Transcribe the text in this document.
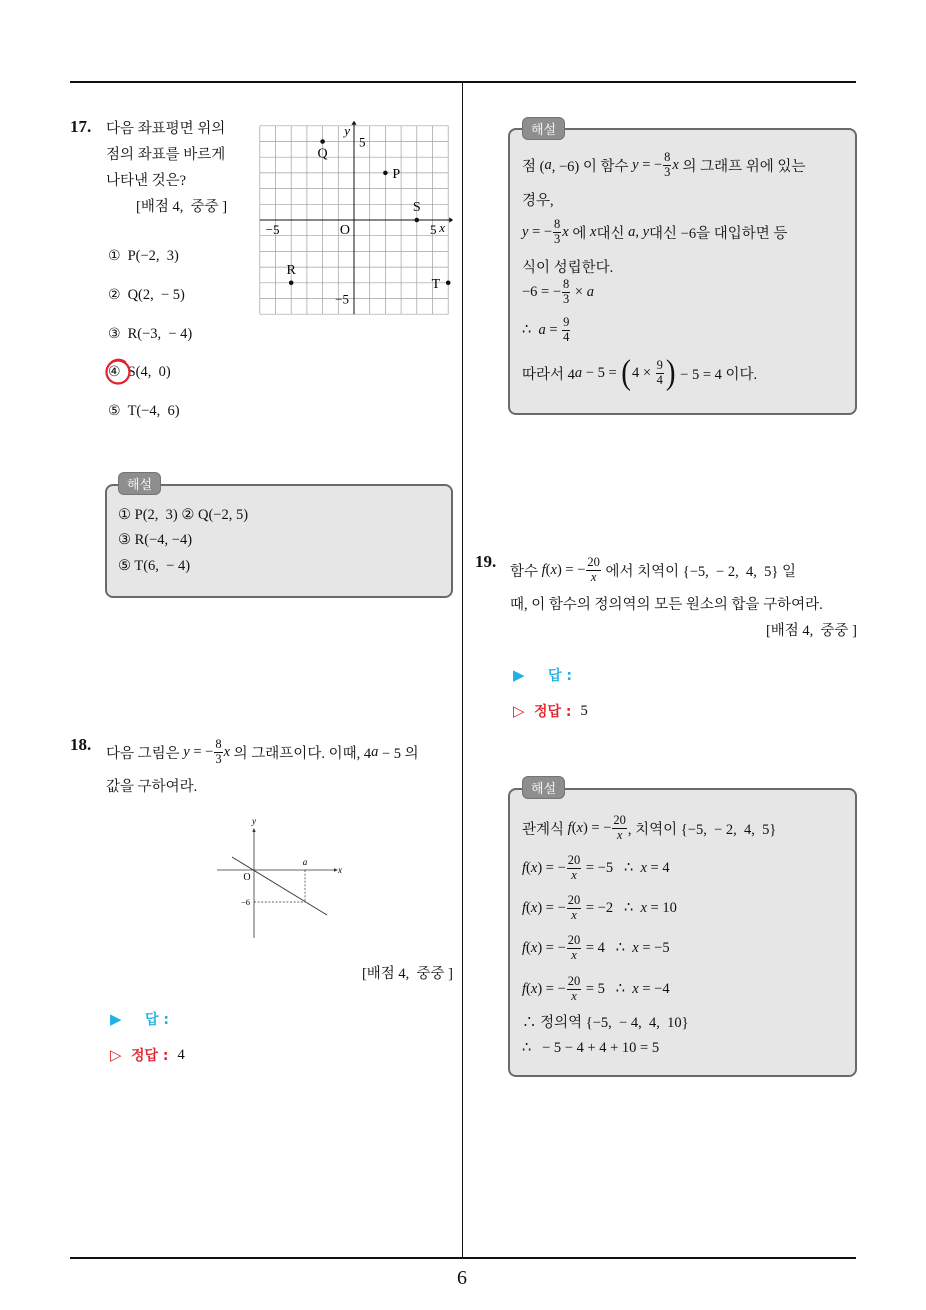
17. 다음 좌표평면 위의
점의 좌표를 바르게
나타낸 것은?
[배점 4,  중중 ]
x
y
O
−5	5
5
−5
Q
P
S
R
T
① P(−2,  3)
② Q(2,  − 5)
③ R(−3,  − 4)
④ S(4,  0)
⑤ T(−4,  6)
해설
① P(2,  3) ② Q(−2, 5)
③ R(−4, −4)
⑤ T(6,  − 4)
18. 다음 그림은 y = − $\frac{8}{3}$ x 의 그래프이다. 이때, 4 a − 5 의
값을 구하여라.
y
x
O
a
−6
[배점 4,  중중 ]
▶	답 :
▷ 정답 : 4
해설
점 ( a , −6) 이 함수 y = − $\frac{8}{3}$ x 의 그래프 위에 있는
경우,
y = − $\frac{8}{3}$ x 에 x 대신 a , y 대신 −6을 대입하면 등
식이 성립한다.
−6 = − $\frac{8}{3} \times a$
∴ $a = \frac{9}{4}$
따라서 4 a − 5 = ( $4 \times \frac{9}{4}$ ) − 5 = 4 이다.
19.
함수 f ( x ) = − $\frac{20}{x}$ 에서 치역이 {−5,  − 2,  4,  5} 일
때, 이 함수의 정의역의 모든 원소의 합을 구하여라.
[배점 4,  중중 ]
▶	답 :
▷ 정답 : 5
해설
관계식 f ( x ) = − $\frac{20}{x}$ , 치역이 {−5,  − 2,  4,  5}
f ( x ) = − $\frac{20}{x} = -5$   ∴ x = 4
f ( x ) = − $\frac{20}{x} = -2$   ∴ x = 10
f ( x ) = − $\frac{20}{x} = 4$   ∴ x = −5
f ( x ) = − $\frac{20}{x} = 5$   ∴ x = −4
∴ 정의역 {−5,  − 4,  4,  10}
∴   − 5 − 4 + 4 + 10 = 5
6
